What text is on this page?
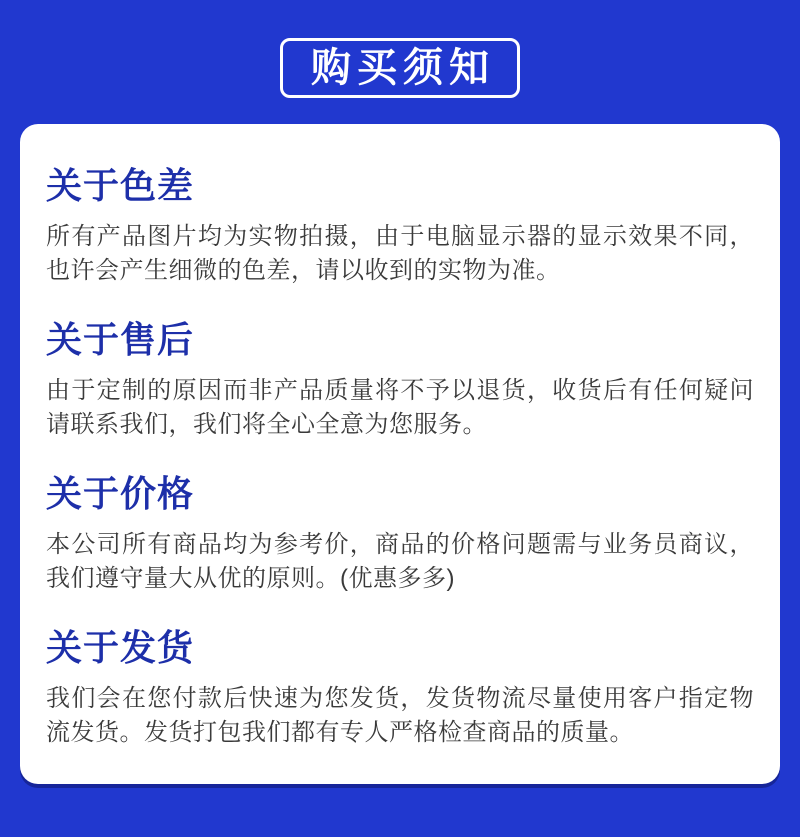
购买须知
关于色差

所有产品图片均为实物拍摄，由于电脑显示器的显示效果不同，也许会产生细微的色差，请以收到的实物为准。

关于售后

由于定制的原因而非产品质量将不予以退货，收货后有任何疑问请联系我们，我们将全心全意为您服务。

关于价格

本公司所有商品均为参考价，商品的价格问题需与业务员商议，我们遵守量大从优的原则。(优惠多多)

关于发货

我们会在您付款后快速为您发货，发货物流尽量使用客户指定物流发货。发货打包我们都有专人严格检查商品的质量。
